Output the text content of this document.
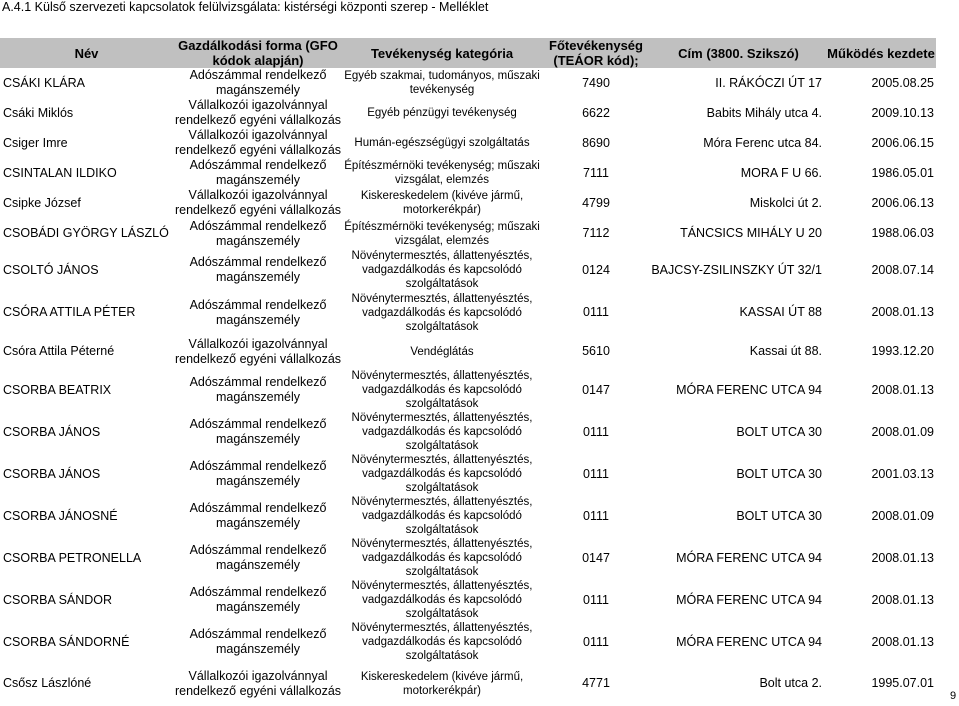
A.4.1 Külső szervezeti kapcsolatok felülvizsgálata: kistérségi központi szerep - Melléklet
Név	Gazdálkodási forma (GFO kódok alapján)	Tevékenység kategória	Főtevékenység (TEÁOR kód);	Cím (3800. Szikszó)	Működés kezdete
CSÁKI KLÁRA	Adószámmal rendelkező magánszemély	Egyéb szakmai, tudományos, műszaki tevékenység	7490	II. RÁKÓCZI ÚT 17	2005.08.25
Csáki Miklós	Vállalkozói igazolvánnyal rendelkező egyéni vállalkozás	Egyéb pénzügyi tevékenység	6622	Babits Mihály utca 4.	2009.10.13
Csiger Imre	Vállalkozói igazolvánnyal rendelkező egyéni vállalkozás	Humán-egészségügyi szolgáltatás	8690	Móra Ferenc utca 84.	2006.06.15
CSINTALAN ILDIKO	Adószámmal rendelkező magánszemély	Építészmérnöki tevékenység; műszaki vizsgálat, elemzés	7111	MORA F U 66.	1986.05.01
Csipke József	Vállalkozói igazolvánnyal rendelkező egyéni vállalkozás	Kiskereskedelem (kivéve jármű, motorkerékpár)	4799	Miskolci út 2.	2006.06.13
CSOBÁDI GYÖRGY LÁSZLÓ	Adószámmal rendelkező magánszemély	Építészmérnöki tevékenység; műszaki vizsgálat, elemzés	7112	TÁNCSICS MIHÁLY U 20	1988.06.03
CSOLTÓ JÁNOS	Adószámmal rendelkező magánszemély	Növénytermesztés, állattenyésztés, vadgazdálkodás és kapcsolódó szolgáltatások	0124	BAJCSY-ZSILINSZKY ÚT 32/1	2008.07.14
CSÓRA ATTILA PÉTER	Adószámmal rendelkező magánszemély	Növénytermesztés, állattenyésztés, vadgazdálkodás és kapcsolódó szolgáltatások	0111	KASSAI ÚT 88	2008.01.13
Csóra Attila Péterné	Vállalkozói igazolvánnyal rendelkező egyéni vállalkozás	Vendéglátás	5610	Kassai út 88.	1993.12.20
CSORBA BEATRIX	Adószámmal rendelkező magánszemély	Növénytermesztés, állattenyésztés, vadgazdálkodás és kapcsolódó szolgáltatások	0147	MÓRA FERENC UTCA 94	2008.01.13
CSORBA JÁNOS	Adószámmal rendelkező magánszemély	Növénytermesztés, állattenyésztés, vadgazdálkodás és kapcsolódó szolgáltatások	0111	BOLT UTCA 30	2008.01.09
CSORBA JÁNOS	Adószámmal rendelkező magánszemély	Növénytermesztés, állattenyésztés, vadgazdálkodás és kapcsolódó szolgáltatások	0111	BOLT UTCA 30	2001.03.13
CSORBA JÁNOSNÉ	Adószámmal rendelkező magánszemély	Növénytermesztés, állattenyésztés, vadgazdálkodás és kapcsolódó szolgáltatások	0111	BOLT UTCA 30	2008.01.09
CSORBA PETRONELLA	Adószámmal rendelkező magánszemély	Növénytermesztés, állattenyésztés, vadgazdálkodás és kapcsolódó szolgáltatások	0147	MÓRA FERENC UTCA 94	2008.01.13
CSORBA SÁNDOR	Adószámmal rendelkező magánszemély	Növénytermesztés, állattenyésztés, vadgazdálkodás és kapcsolódó szolgáltatások	0111	MÓRA FERENC UTCA 94	2008.01.13
CSORBA SÁNDORNÉ	Adószámmal rendelkező magánszemély	Növénytermesztés, állattenyésztés, vadgazdálkodás és kapcsolódó szolgáltatások	0111	MÓRA FERENC UTCA 94	2008.01.13
Csősz Lászlóné	Vállalkozói igazolvánnyal rendelkező egyéni vállalkozás	Kiskereskedelem (kivéve jármű, motorkerékpár)	4771	Bolt utca 2.	1995.07.01
9
